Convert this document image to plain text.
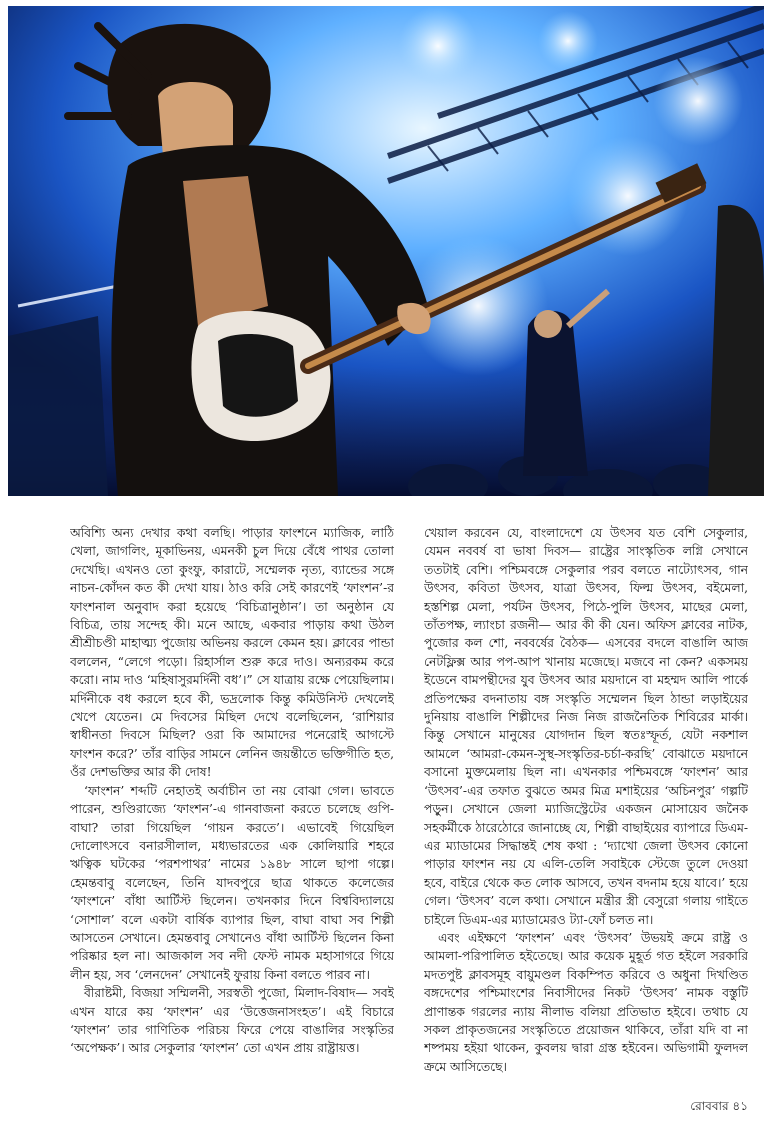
অবিশ্যি অন্য দেখার কথা বলছি। পাড়ার ফাংশনে ম্যাজিক, লাঠি খেলা, জাগলিং, মূকাভিনয়, এমনকী চুল দিয়ে বেঁধে পাথর তোলা দেখেছি। এখনও তো কুংফু, কারাটে, সম্মেলক নৃত্য, ব্যান্ডের সঙ্গে নাচন-কোঁদন কত কী দেখা যায়। ঠাও করি সেই কারণেই ‘ফাংশন’-র ফাংশনাল অনুবাদ করা হয়েছে ‘বিচিত্রানুষ্ঠান’। তা অনুষ্ঠান যে বিচিত্র, তায় সন্দেহ কী। মনে আছে, একবার পাড়ায় কথা উঠল শ্রীশ্রীচণ্ডী মাহাত্ম্য পুজোয় অভিনয় করলে কেমন হয়। ক্লাবের পান্ডা বললেন, “লেগে পড়ো। রিহার্সাল শুরু করে দাও। অন্যরকম করে করো। নাম দাও ‘মহিষাসুরমর্দিনী বধ’।” সে যাত্রায় রক্ষে পেয়েছিলাম। মর্দিনীকে বধ করলে হবে কী, ভদ্রলোক কিন্তু কমিউনিস্ট দেখলেই খেপে যেতেন। মে দিবসের মিছিল দেখে বলেছিলেন, ‘রাশিয়ার স্বাধীনতা দিবসে মিছিল? ওরা কি আমাদের পনেরোই আগস্টে ফাংশন করে?’ তাঁর বাড়ির সামনে লেনিন জয়ন্তীতে ভক্তিগীতি হত, ওঁর দেশভক্তির আর কী দোষ!

‘ফাংশন’ শব্দটি নেহাতই অর্বাচীন তা নয় বোঝা গেল। ভাবতে পারেন, শুণ্ডিরাজ্যে ‘ফাংশন’-এ গানবাজনা করতে চলেছে গুপি-বাঘা? তারা গিয়েছিল ‘গায়ন করতে’। এভাবেই গিয়েছিল দোলোৎসবে বনারসীলাল, মধ্যভারতের এক কোলিয়ারি শহরে ঋত্বিক ঘটকের ‘পরশপাথর’ নামের ১৯৪৮ সালে ছাপা গল্পে। হেমন্তবাবু বলেছেন, তিনি যাদবপুরে ছাত্র থাকতে কলেজের ‘ফাংশনে’ বাঁধা আর্টিস্ট ছিলেন। তখনকার দিনে বিশ্ববিদ্যালয়ে ‘সোশাল’ বলে একটা বার্ষিক ব্যাপার ছিল, বাঘা বাঘা সব শিল্পী আসতেন সেখানে। হেমন্তবাবু সেখানেও বাঁধা আর্টিস্ট ছিলেন কিনা পরিষ্কার হল না। আজকাল সব নদী ফেস্ট নামক মহাসাগরে গিয়ে লীন হয়, সব ‘লেনদেন’ সেখানেই ফুরায় কিনা বলতে পারব না।

বীরাষ্টমী, বিজয়া সম্মিলনী, সরস্বতী পুজো, মিলাদ-বিষাদ— সবই এখন যারে কয় ‘ফাংশন’ এর ‘উত্তেজনাসংহত’। এই বিচারে ‘ফাংশন’ তার গাণিতিক পরিচয় ফিরে পেয়ে বাঙালির সংস্কৃতির ‘অপেক্ষক’। আর সেকুলার ‘ফাংশন’ তো এখন প্রায় রাষ্ট্রায়ত্ত।

খেয়াল করবেন যে, বাংলাদেশে যে উৎসব যত বেশি সেকুলার, যেমন নববর্ষ বা ভাষা দিবস— রাষ্ট্রের সাংস্কৃতিক লগ্নি সেখানে ততটাই বেশি। পশ্চিমবঙ্গে সেকুলার পরব বলতে নাট্যোৎসব, গান উৎসব, কবিতা উৎসব, যাত্রা উৎসব, ফিল্ম উৎসব, বইমেলা, হস্তশিল্প মেলা, পর্যটন উৎসব, পিঠে-পুলি উৎসব, মাছের মেলা, তাঁতপক্ষ, ল্যাংচা রজনী— আর কী কী যেন। অফিস ক্লাবের নাটক, পুজোর কল শো, নববর্ষের বৈঠক— এসবের বদলে বাঙালি আজ নেটফ্লিক্স আর পপ-আপ খানায় মজেছে। মজবে না কেন? একসময় ইডেনে বামপন্থীদের যুব উৎসব আর ময়দানে বা মহম্মদ আলি পার্কে প্রতিপক্ষের বদনাতায় বঙ্গ সংস্কৃতি সম্মেলন ছিল ঠান্ডা লড়াইয়ের দুনিয়ায় বাঙালি শিল্পীদের নিজ নিজ রাজনৈতিক শিবিরের মার্কা। কিন্তু সেখানে মানুষের যোগদান ছিল স্বতঃস্ফূর্ত, যেটা নকশাল আমলে ‘আমরা-কেমন-সুস্থ-সংস্কৃতির-চর্চা-করছি’ বোঝাতে ময়দানে বসানো মুক্তমেলায় ছিল না। এখনকার পশ্চিমবঙ্গে ‘ফাংশন’ আর ‘উৎসব’-এর তফাত বুঝতে অমর মিত্র মশাইয়ের ‘অচিনপুর’ গল্পটি পড়ুন। সেখানে জেলা ম্যাজিস্ট্রেটের একজন মোসায়েব জনৈক সহকর্মীকে ঠারেঠোরে জানাচ্ছে যে, শিল্পী বাছাইয়ের ব্যাপারে ডিএম-এর ম্যাডামের সিদ্ধান্তই শেষ কথা : ‘দ্যাখো জেলা উৎসব কোনো পাড়ার ফাংশন নয় যে এলি-তেলি সবাইকে স্টেজে তুলে দেওয়া হবে, বাইরে থেকে কত লোক আসবে, তখন বদনাম হয়ে যাবে।’ হয়ে গেল। ‘উৎসব’ বলে কথা। সেখানে মন্ত্রীর স্ত্রী বেসুরো গলায় গাইতে চাইলে ডিএম-এর ম্যাডামেরও ট্যা-ফোঁ চলত না।

এবং এইক্ষণে ‘ফাংশন’ এবং ‘উৎসব’ উভয়ই ক্রমে রাষ্ট্র ও আমলা-পরিপালিত হইতেছে। আর কয়েক মুহূর্ত গত হইলে সরকারি মদতপুষ্ট ক্লাবসমূহ বায়ুমণ্ডল বিকম্পিত করিবে ও অধুনা দিখণ্ডিত বঙ্গদেশের পশ্চিমাংশের নিবাসীদের নিকট ‘উৎসব’ নামক বস্তুটি প্রাণান্তক গরলের ন্যায় নীলাভ বলিয়া প্রতিভাত হইবে। তথাচ যে সকল প্রাকৃতজনের সংস্কৃতিতে প্রয়োজন থাকিবে, তাঁরা যদি বা না শষ্পময় হইয়া থাকেন, কুবলয় দ্বারা গ্রস্ত হইবেন। অভিগামী ফুলদল ক্রমে আসিতেছে।

রোববার ৪১
